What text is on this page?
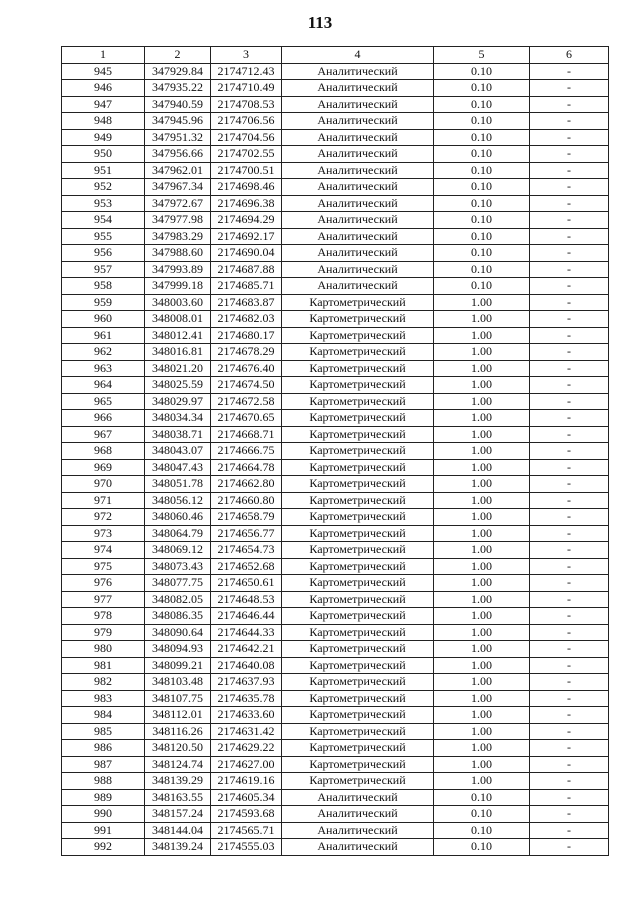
113
1	2	3	4	5	6
945	347929.84	2174712.43	Аналитический	0.10	-
946	347935.22	2174710.49	Аналитический	0.10	-
947	347940.59	2174708.53	Аналитический	0.10	-
948	347945.96	2174706.56	Аналитический	0.10	-
949	347951.32	2174704.56	Аналитический	0.10	-
950	347956.66	2174702.55	Аналитический	0.10	-
951	347962.01	2174700.51	Аналитический	0.10	-
952	347967.34	2174698.46	Аналитический	0.10	-
953	347972.67	2174696.38	Аналитический	0.10	-
954	347977.98	2174694.29	Аналитический	0.10	-
955	347983.29	2174692.17	Аналитический	0.10	-
956	347988.60	2174690.04	Аналитический	0.10	-
957	347993.89	2174687.88	Аналитический	0.10	-
958	347999.18	2174685.71	Аналитический	0.10	-
959	348003.60	2174683.87	Картометрический	1.00	-
960	348008.01	2174682.03	Картометрический	1.00	-
961	348012.41	2174680.17	Картометрический	1.00	-
962	348016.81	2174678.29	Картометрический	1.00	-
963	348021.20	2174676.40	Картометрический	1.00	-
964	348025.59	2174674.50	Картометрический	1.00	-
965	348029.97	2174672.58	Картометрический	1.00	-
966	348034.34	2174670.65	Картометрический	1.00	-
967	348038.71	2174668.71	Картометрический	1.00	-
968	348043.07	2174666.75	Картометрический	1.00	-
969	348047.43	2174664.78	Картометрический	1.00	-
970	348051.78	2174662.80	Картометрический	1.00	-
971	348056.12	2174660.80	Картометрический	1.00	-
972	348060.46	2174658.79	Картометрический	1.00	-
973	348064.79	2174656.77	Картометрический	1.00	-
974	348069.12	2174654.73	Картометрический	1.00	-
975	348073.43	2174652.68	Картометрический	1.00	-
976	348077.75	2174650.61	Картометрический	1.00	-
977	348082.05	2174648.53	Картометрический	1.00	-
978	348086.35	2174646.44	Картометрический	1.00	-
979	348090.64	2174644.33	Картометрический	1.00	-
980	348094.93	2174642.21	Картометрический	1.00	-
981	348099.21	2174640.08	Картометрический	1.00	-
982	348103.48	2174637.93	Картометрический	1.00	-
983	348107.75	2174635.78	Картометрический	1.00	-
984	348112.01	2174633.60	Картометрический	1.00	-
985	348116.26	2174631.42	Картометрический	1.00	-
986	348120.50	2174629.22	Картометрический	1.00	-
987	348124.74	2174627.00	Картометрический	1.00	-
988	348139.29	2174619.16	Картометрический	1.00	-
989	348163.55	2174605.34	Аналитический	0.10	-
990	348157.24	2174593.68	Аналитический	0.10	-
991	348144.04	2174565.71	Аналитический	0.10	-
992	348139.24	2174555.03	Аналитический	0.10	-
